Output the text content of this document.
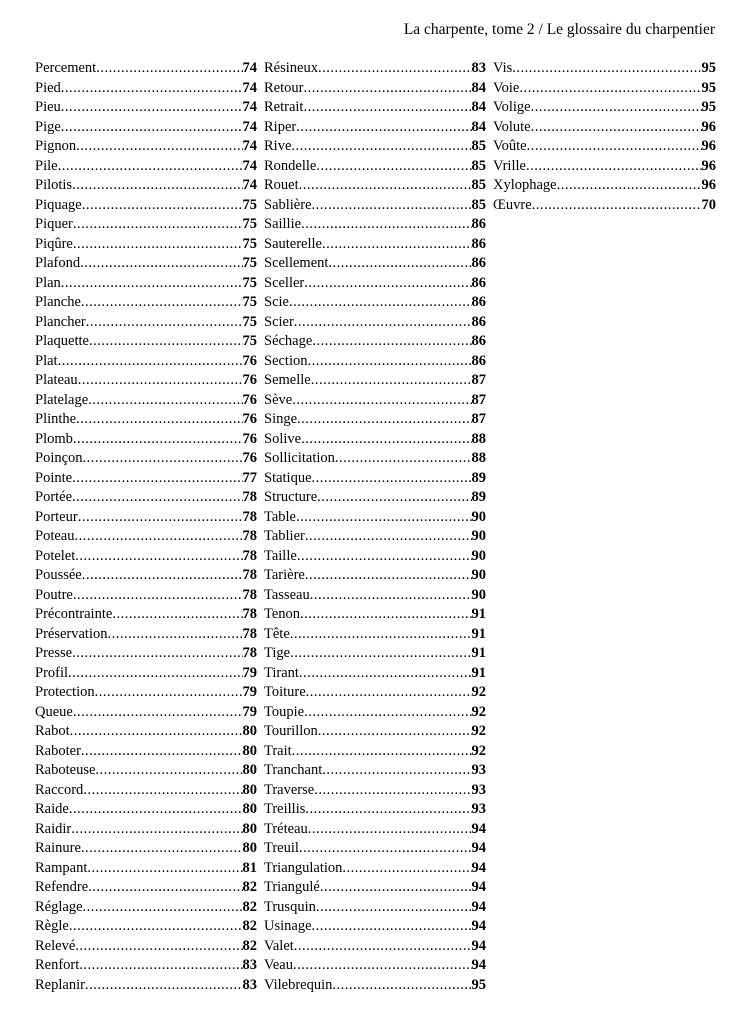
La charpente, tome 2 / Le glossaire du charpentier
Percement .....	74
Pied .....	74
Pieu .....	74
Pige .....	74
Pignon .....	74
Pile .....	74
Pilotis .....	74
Piquage .....	75
Piquer .....	75
Piqûre .....	75
Plafond .....	75
Plan .....	75
Planche .....	75
Plancher .....	75
Plaquette .....	75
Plat .....	76
Plateau .....	76
Platelage .....	76
Plinthe .....	76
Plomb .....	76
Poinçon .....	76
Pointe .....	77
Portée .....	78
Porteur .....	78
Poteau .....	78
Potelet .....	78
Poussée .....	78
Poutre .....	78
Précontrainte .....	78
Préservation .....	78
Presse .....	78
Profil .....	79
Protection .....	79
Queue .....	79
Rabot .....	80
Raboter .....	80
Raboteuse .....	80
Raccord .....	80
Raide .....	80
Raidir .....	80
Rainure .....	80
Rampant .....	81
Refendre .....	82
Réglage .....	82
Règle .....	82
Relevé .....	82
Renfort .....	83
Replanir .....	83
Résineux .....	83
Retour .....	84
Retrait .....	84
Riper .....	84
Rive .....	85
Rondelle .....	85
Rouet .....	85
Sablière .....	85
Saillie .....	86
Sauterelle .....	86
Scellement .....	86
Sceller .....	86
Scie .....	86
Scier .....	86
Séchage .....	86
Section .....	86
Semelle .....	87
Sève .....	87
Singe .....	87
Solive .....	88
Sollicitation .....	88
Statique .....	89
Structure .....	89
Table .....	90
Tablier .....	90
Taille .....	90
Tarière .....	90
Tasseau .....	90
Tenon .....	91
Tête .....	91
Tige .....	91
Tirant .....	91
Toiture .....	92
Toupie .....	92
Tourillon .....	92
Trait .....	92
Tranchant .....	93
Traverse .....	93
Treillis .....	93
Tréteau .....	94
Treuil .....	94
Triangulation .....	94
Triangulé .....	94
Trusquin .....	94
Usinage .....	94
Valet .....	94
Veau .....	94
Vilebrequin .....	95
Vis .....	95
Voie .....	95
Volige .....	95
Volute .....	96
Voûte .....	96
Vrille .....	96
Xylophage .....	96
Œuvre .....	70
